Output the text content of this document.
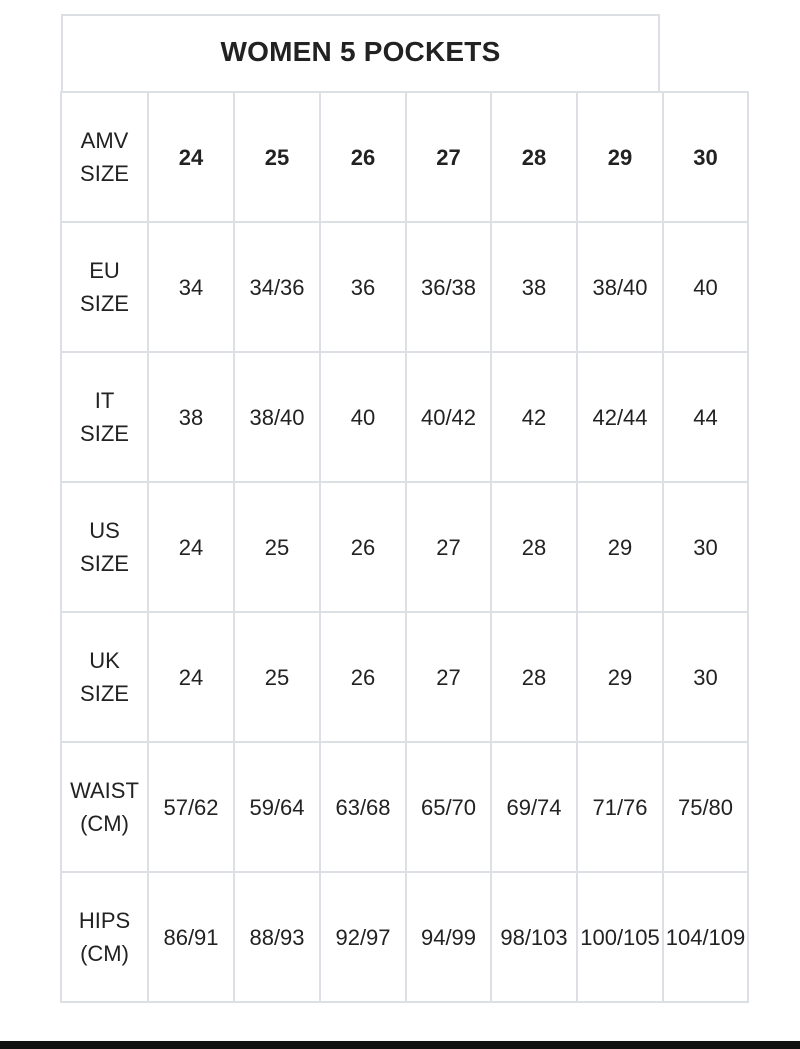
WOMEN 5 POCKETS
AMV
SIZE	24	25	26	27	28	29	30
EU
SIZE	34	34/36	36	36/38	38	38/40	40
IT
SIZE	38	38/40	40	40/42	42	42/44	44
US
SIZE	24	25	26	27	28	29	30
UK
SIZE	24	25	26	27	28	29	30
WAIST
(CM)	57/62	59/64	63/68	65/70	69/74	71/76	75/80
HIPS
(CM)	86/91	88/93	92/97	94/99	98/103	100/105	104/109
